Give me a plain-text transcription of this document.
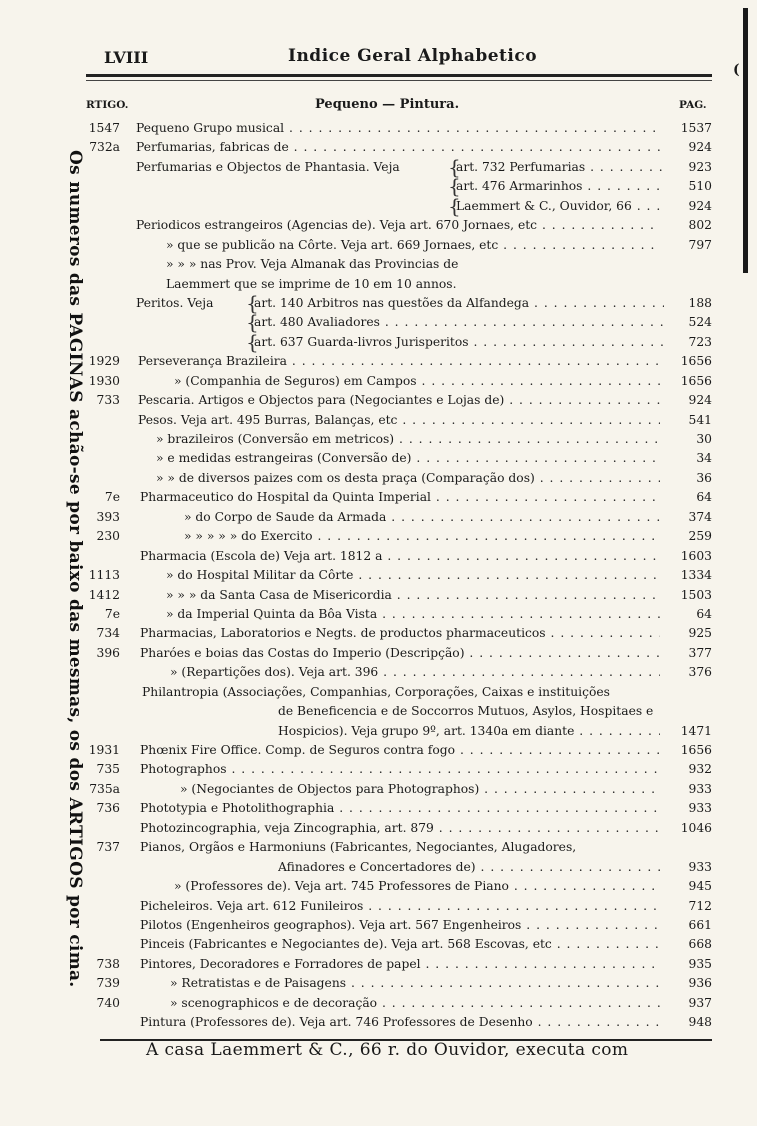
(
LVIII	Indice Geral Alphabetico
RTIGO.	Pequeno — Pintura.	PAG.
Os numeros das PAGINAS achão-se por baixo das mesmas, os dos ARTIGOS por cima.
1547 Pequeno Grupo musical . . .	1537
732a Perfumarias, fabricas de . . .	924
Perfumarias e Objectos de Phantasia. Veja	{
art. 732 Perfumarias . . .	923
{
art. 476 Armarinhos . . .	510
{
Laemmert & C., Ouvidor, 66 . . .	924
Periodicos estrangeiros (Agencias de). Veja art. 670 Jornaes, etc . . .	802
» que se publicão na Côrte. Veja art. 669 Jornaes, etc . . .	797
» » » nas Prov. Veja Almanak das Provincias de
Laemmert que se imprime de 10 em 10 annos.
Peritos. Veja	{
art. 140 Arbitros nas questões da Alfandega . . .	188
{
art. 480 Avaliadores . . .	524
{
art. 637 Guarda-livros Jurisperitos . . .	723
1929 Perseverança Brazileira . . .	1656
1930	» (Companhia de Seguros) em Campos . . .	1656
733 Pescaria. Artigos e Objectos para (Negociantes e Lojas de) . . .	924
Pesos. Veja art. 495 Burras, Balanças, etc . . .	541
» brazileiros (Conversão em metricos) . . .	30
» e medidas estrangeiras (Conversão de) . . .	34
» » de diversos paizes com os desta praça (Comparação dos) . . .	36
7e Pharmaceutico do Hospital da Quinta Imperial . . .	64
393	» do Corpo de Saude da Armada . . .	374
230	» » » » » do Exercito . . .	259
Pharmacia (Escola de) Veja art. 1812 a . . .	1603
1113	» do Hospital Militar da Côrte . . .	1334
1412	» » » da Santa Casa de Misericordia . . .	1503
7e	» da Imperial Quinta da Bôa Vista . . .	64
734 Pharmacias, Laboratorios e Negts. de productos pharmaceuticos . . .	925
396 Pharóes e boias das Costas do Imperio (Descripção) . . .	377
» (Repartições dos). Veja art. 396 . . .	376
Philantropia (Associações, Companhias, Corporações, Caixas e instituições
de Beneficencia e de Soccorros Mutuos, Asylos, Hospitaes e
Hospicios). Veja grupo 9º, art. 1340a em diante . . .	1471
1931 Phœnix Fire Office. Comp. de Seguros contra fogo . . .	1656
735 Photographos . . .	932
735a	» (Negociantes de Objectos para Photographos) . . .	933
736 Phototypia e Photolithographia . . .	933
Photozincographia, veja Zincographia, art. 879 . . .	1046
737 Pianos, Orgãos e Harmoniuns (Fabricantes, Negociantes, Alugadores,
Afinadores e Concertadores de) . . .	933
» (Professores de). Veja art. 745 Professores de Piano . . .	945
Picheleiros. Veja art. 612 Funileiros . . .	712
Pilotos (Engenheiros geographos). Veja art. 567 Engenheiros . . .	661
Pinceis (Fabricantes e Negociantes de). Veja art. 568 Escovas, etc . . .	668
738 Pintores, Decoradores e Forradores de papel . . .	935
739	» Retratistas e de Paisagens . . .	936
740	» scenographicos e de decoração . . .	937
Pintura (Professores de). Veja art. 746 Professores de Desenho . . .	948
A casa Laemmert & C., 66 r. do Ouvidor, executa com
